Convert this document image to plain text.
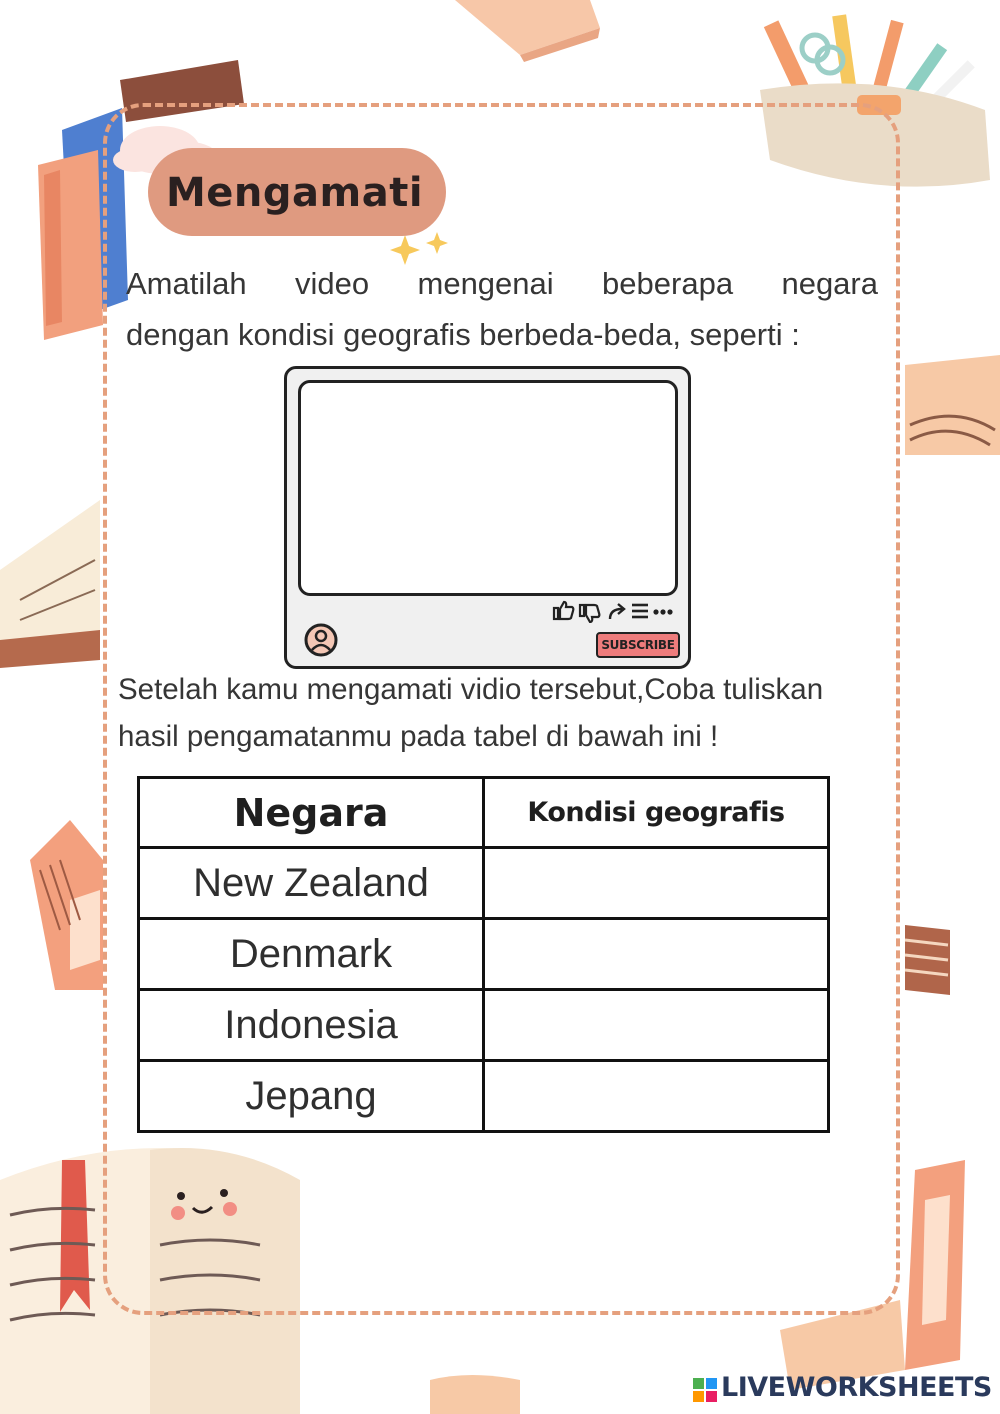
Mengamati
Amatilah video mengenai beberapa negara
dengan kondisi geografis berbeda-beda, seperti :
SUBSCRIBE
Setelah kamu mengamati vidio tersebut,Coba tuliskan
hasil pengamatanmu pada tabel di bawah ini !
Negara	Kondisi geografis
New Zealand	
Denmark	
Indonesia	
Jepang	
LIVEWORKSHEETS
